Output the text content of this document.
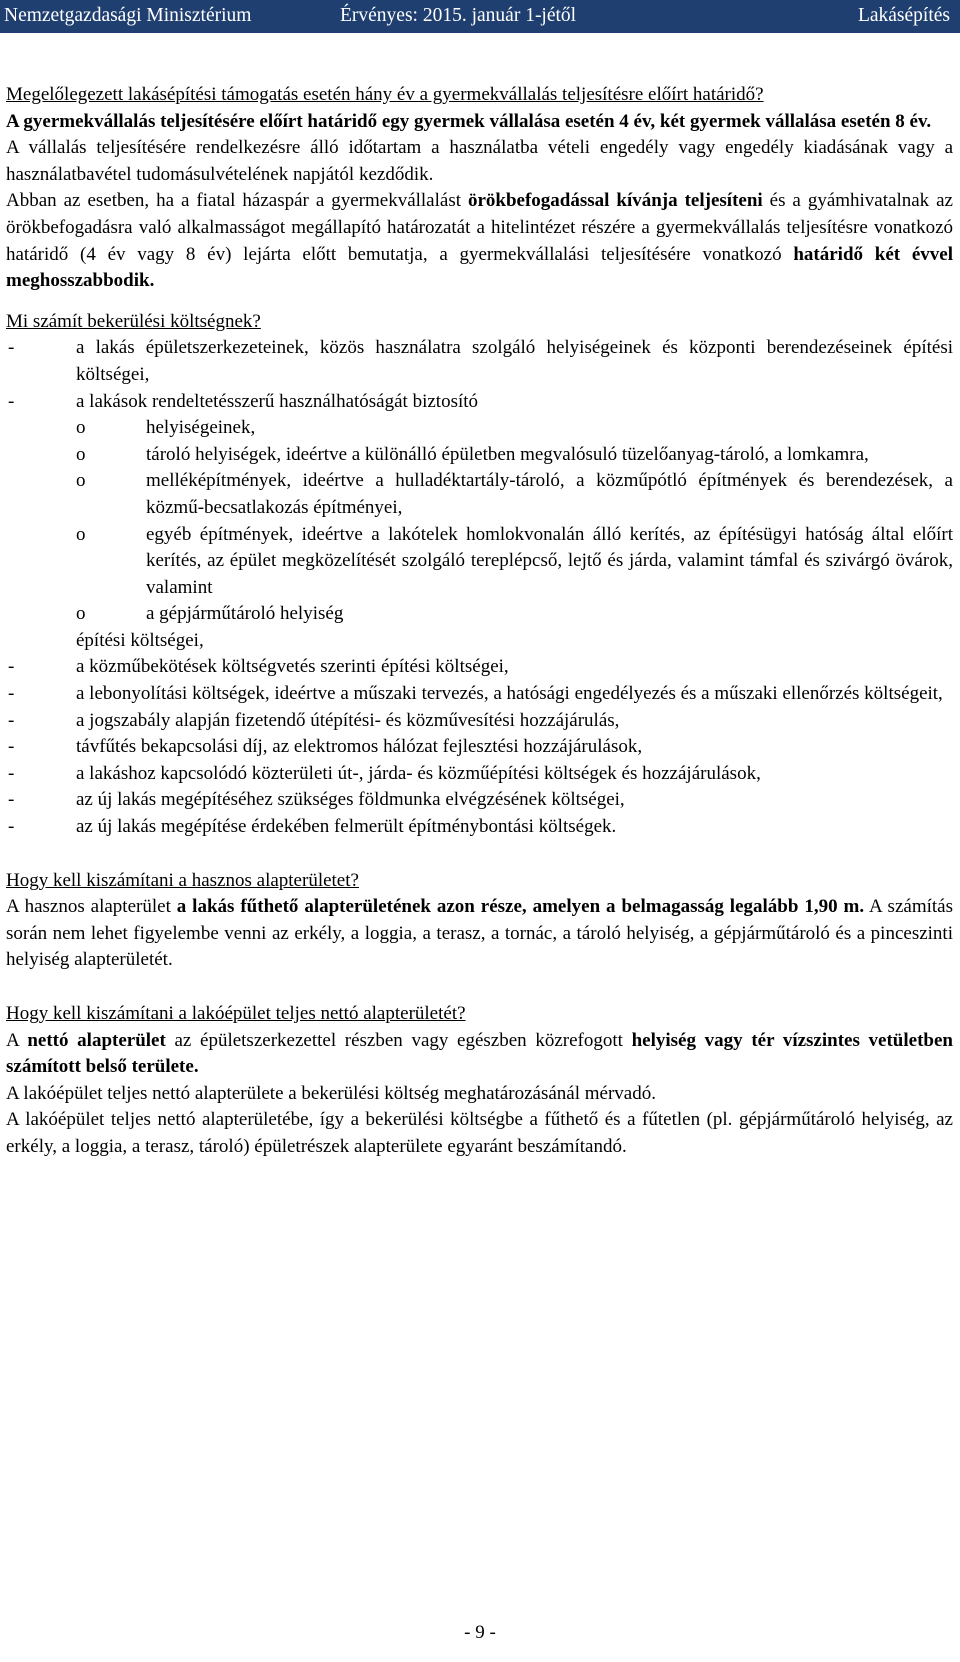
Nemzetgazdasági Minisztérium	Érvényes: 2015. január 1-jétől	Lakásépítés

Megelőlegezett lakásépítési támogatás esetén hány év a gyermekvállalás teljesítésre előírt határidő?

A gyermekvállalás teljesítésére előírt határidő egy gyermek vállalása esetén 4 év, két gyermek vállalása esetén 8 év.

A vállalás teljesítésére rendelkezésre álló időtartam a használatba vételi engedély vagy engedély kiadásának vagy a használatbavétel tudomásulvételének napjától kezdődik.

Abban az esetben, ha a fiatal házaspár a gyermekvállalást örökbefogadással kívánja teljesíteni és a gyámhivatalnak az örökbefogadásra való alkalmasságot megállapító határozatát a hitelintézet részére a gyermekvállalás teljesítésre vonatkozó határidő (4 év vagy 8 év) lejárta előtt bemutatja, a gyermekvállalási teljesítésére vonatkozó határidő két évvel meghosszabbodik.

Mi számít bekerülési költségnek?

-	a lakás épületszerkezeteinek, közös használatra szolgáló helyiségeinek és központi berendezéseinek építési költségei,
-	a lakások rendeltetésszerű használhatóságát biztosító
o	helyiségeinek,
o	tároló helyiségek, ideértve a különálló épületben megvalósuló tüzelőanyag-tároló, a lomkamra,
o	melléképítmények, ideértve a hulladéktartály-tároló, a közműpótló építmények és berendezések, a közmű-becsatlakozás építményei,
o	egyéb építmények, ideértve a lakótelek homlokvonalán álló kerítés, az építésügyi hatóság által előírt kerítés, az épület megközelítését szolgáló tereplépcső, lejtő és járda, valamint támfal és szivárgó övárok, valamint
o	a gépjárműtároló helyiség

építési költségei,

-	a közműbekötések költségvetés szerinti építési költségei,
-	a lebonyolítási költségek, ideértve a műszaki tervezés, a hatósági engedélyezés és a műszaki ellenőrzés költségeit,
-	a jogszabály alapján fizetendő útépítési- és közművesítési hozzájárulás,
-	távfűtés bekapcsolási díj, az elektromos hálózat fejlesztési hozzájárulások,
-	a lakáshoz kapcsolódó közterületi út-, járda- és közműépítési költségek és hozzájárulások,
-	az új lakás megépítéséhez szükséges földmunka elvégzésének költségei,
-	az új lakás megépítése érdekében felmerült építménybontási költségek.

Hogy kell kiszámítani a hasznos alapterületet?

A hasznos alapterület a lakás fűthető alapterületének azon része, amelyen a belmagasság legalább 1,90 m. A számítás során nem lehet figyelembe venni az erkély, a loggia, a terasz, a tornác, a tároló helyiség, a gépjárműtároló és a pinceszinti helyiség alapterületét.

Hogy kell kiszámítani a lakóépület teljes nettó alapterületét?

A nettó alapterület az épületszerkezettel részben vagy egészben közrefogott helyiség vagy tér vízszintes vetületben számított belső területe.

A lakóépület teljes nettó alapterülete a bekerülési költség meghatározásánál mérvadó.

A lakóépület teljes nettó alapterületébe, így a bekerülési költségbe a fűthető és a fűtetlen (pl. gépjárműtároló helyiség, az erkély, a loggia, a terasz, tároló) épületrészek alapterülete egyaránt beszámítandó.

- 9 -
